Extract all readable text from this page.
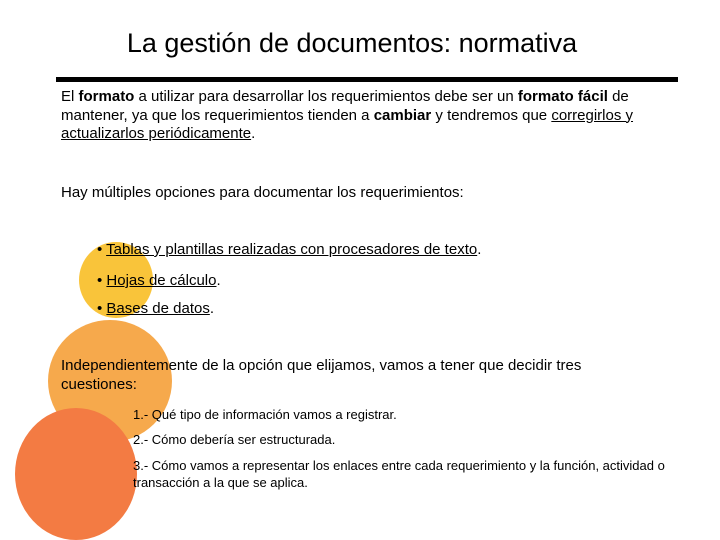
La gestión de documentos: normativa
El formato a utilizar para desarrollar los requerimientos debe ser un formato fácil de mantener, ya que los requerimientos tienden a cambiar y tendremos que corregirlos y actualizarlos periódicamente.
Hay múltiples opciones para documentar los requerimientos:
• Tablas y plantillas realizadas con procesadores de texto.
• Hojas de cálculo.
• Bases de datos.
Independientemente de la opción que elijamos, vamos a tener que decidir tres cuestiones:
1.- Qué tipo de información vamos a registrar.
2.- Cómo debería ser estructurada.
3.- Cómo vamos a representar los enlaces entre cada requerimiento y la función, actividad o transacción a la que se aplica.
